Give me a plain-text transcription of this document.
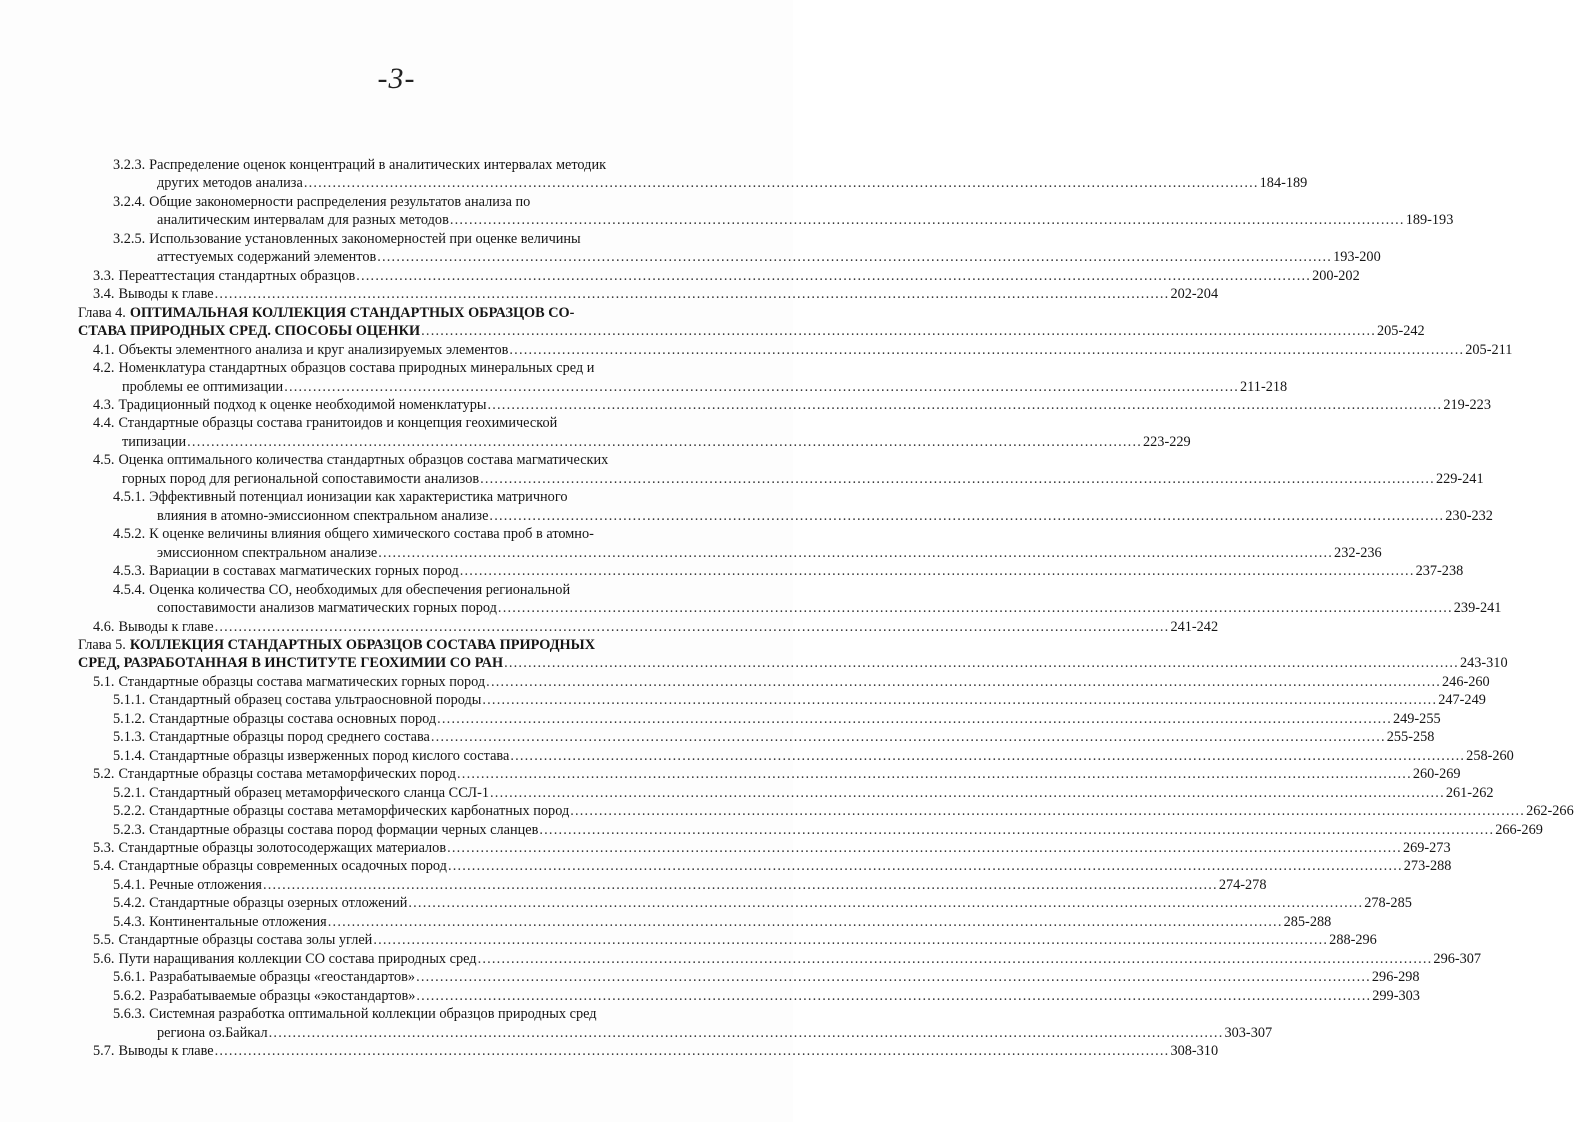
-3-
3.2.3. Распределение оценок концентраций в аналитических интервалах методик
других методов анализа ........................................................................................................................................................................................................ 184-189
3.2.4. Общие закономерности распределения результатов анализа по
аналитическим интервалам для разных методов ........................................................................................................................................................................................................ 189-193
3.2.5. Использование установленных закономерностей при оценке величины
аттестуемых содержаний элементов ........................................................................................................................................................................................................ 193-200
3.3. Переаттестация стандартных образцов ........................................................................................................................................................................................................ 200-202
3.4. Выводы к главе ........................................................................................................................................................................................................ 202-204
Глава 4. ОПТИМАЛЬНАЯ КОЛЛЕКЦИЯ СТАНДАРТНЫХ ОБРАЗЦОВ СО-
СТАВА ПРИРОДНЫХ СРЕД. СПОСОБЫ ОЦЕНКИ ........................................................................................................................................................................................................ 205-242
4.1. Объекты элементного анализа и круг анализируемых элементов ........................................................................................................................................................................................................ 205-211
4.2. Номенклатура стандартных образцов состава природных минеральных сред и
проблемы ее оптимизации ........................................................................................................................................................................................................ 211-218
4.3. Традиционный подход к оценке необходимой номенклатуры ........................................................................................................................................................................................................ 219-223
4.4. Стандартные образцы состава гранитоидов и концепция геохимической
типизации ........................................................................................................................................................................................................ 223-229
4.5. Оценка оптимального количества стандартных образцов состава магматических
горных пород для региональной сопоставимости анализов ........................................................................................................................................................................................................ 229-241
4.5.1. Эффективный потенциал ионизации как характеристика матричного
влияния в атомно-эмиссионном спектральном анализе ........................................................................................................................................................................................................ 230-232
4.5.2. К оценке величины влияния общего химического состава проб в атомно-
эмиссионном спектральном анализе ........................................................................................................................................................................................................ 232-236
4.5.3. Вариации в составах магматических горных пород ........................................................................................................................................................................................................ 237-238
4.5.4. Оценка количества СО, необходимых для обеспечения региональной
сопоставимости анализов магматических горных пород ........................................................................................................................................................................................................ 239-241
4.6. Выводы к главе ........................................................................................................................................................................................................ 241-242
Глава 5. КОЛЛЕКЦИЯ СТАНДАРТНЫХ ОБРАЗЦОВ СОСТАВА ПРИРОДНЫХ
СРЕД, РАЗРАБОТАННАЯ В ИНСТИТУТЕ ГЕОХИМИИ СО РАН ........................................................................................................................................................................................................ 243-310
5.1. Стандартные образцы состава магматических горных пород ........................................................................................................................................................................................................ 246-260
5.1.1. Стандартный образец состава ультраосновной породы ........................................................................................................................................................................................................ 247-249
5.1.2. Стандартные образцы состава основных пород ........................................................................................................................................................................................................ 249-255
5.1.3. Стандартные образцы пород среднего состава ........................................................................................................................................................................................................ 255-258
5.1.4. Стандартные образцы изверженных пород кислого состава ........................................................................................................................................................................................................ 258-260
5.2. Стандартные образцы состава метаморфических пород ........................................................................................................................................................................................................ 260-269
5.2.1. Стандартный образец метаморфического сланца ССЛ-1 ........................................................................................................................................................................................................ 261-262
5.2.2. Стандартные образцы состава метаморфических карбонатных пород ........................................................................................................................................................................................................ 262-266
5.2.3. Стандартные образцы состава пород формации черных сланцев ........................................................................................................................................................................................................ 266-269
5.3. Стандартные образцы золотосодержащих материалов ........................................................................................................................................................................................................ 269-273
5.4. Стандартные образцы современных осадочных пород ........................................................................................................................................................................................................ 273-288
5.4.1. Речные отложения ........................................................................................................................................................................................................ 274-278
5.4.2. Стандартные образцы озерных отложений ........................................................................................................................................................................................................ 278-285
5.4.3. Континентальные отложения ........................................................................................................................................................................................................ 285-288
5.5. Стандартные образцы состава золы углей ........................................................................................................................................................................................................ 288-296
5.6. Пути наращивания коллекции СО состава природных сред ........................................................................................................................................................................................................ 296-307
5.6.1. Разрабатываемые образцы «геостандартов» ........................................................................................................................................................................................................ 296-298
5.6.2. Разрабатываемые образцы «экостандартов» ........................................................................................................................................................................................................ 299-303
5.6.3. Системная разработка оптимальной коллекции образцов природных сред
региона оз.Байкал ........................................................................................................................................................................................................ 303-307
5.7. Выводы к главе ........................................................................................................................................................................................................ 308-310
